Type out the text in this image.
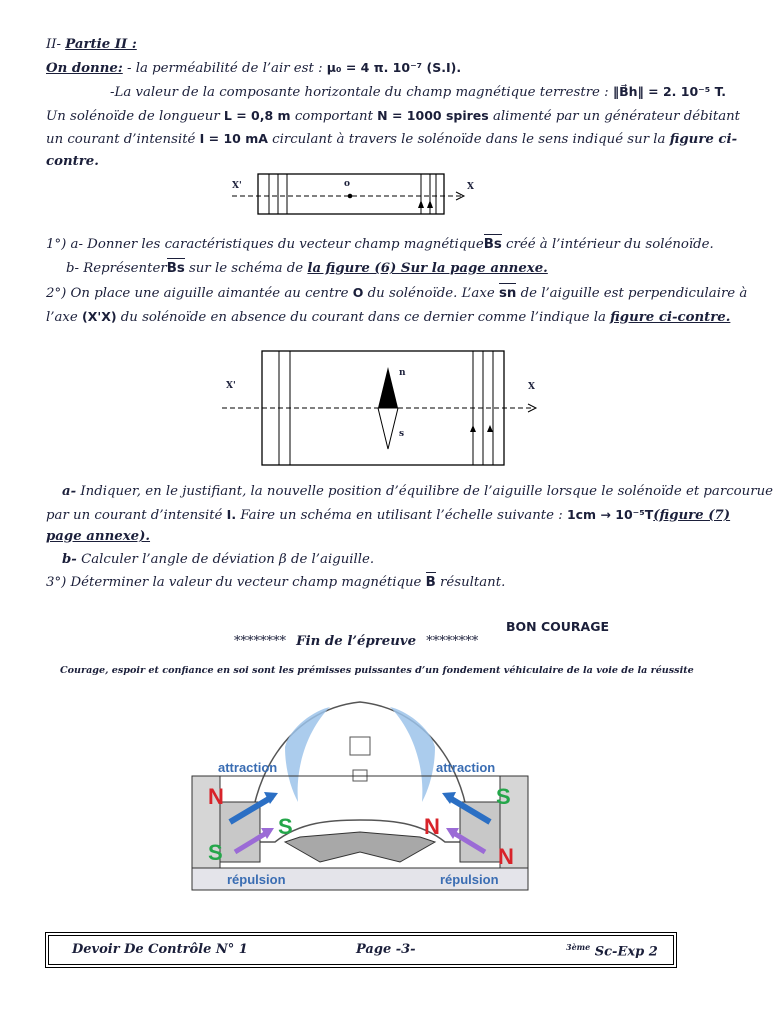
II- Partie II :
On donne: - la perméabilité de l’air est : μ₀ = 4 π. 10⁻⁷ (S.I).
-La valeur de la composante horizontale du champ magnétique terrestre : ‖B⃗h‖ = 2. 10⁻⁵ T.
Un solénoïde de longueur L = 0,8 m comportant N = 1000 spires alimenté par un générateur débitant
un courant d’intensité I = 10 mA circulant à travers le solénoïde dans le sens indiqué sur la figure ci-
contre.
X'	X
o
1°) a- Donner les caractéristiques du vecteur champ magnétiqueBs créé à l’intérieur du solénoïde.
b- ReprésenterBs sur le schéma de la figure (6) Sur la page annexe.
2°) On place une aiguille aimantée au centre O du solénoïde. L’axe sn de l’aiguille est perpendiculaire à
l’axe (X'X) du solénoïde en absence du courant dans ce dernier comme l’indique la figure ci-contre.
X'	X
n
s
a- Indiquer, en le justifiant, la nouvelle position d’équilibre de l’aiguille lorsque le solénoïde et parcourue
par un courant d’intensité I. Faire un schéma en utilisant l’échelle suivante : 1cm → 10⁻⁵T(figure (7)
page annexe).
b- Calculer l’angle de déviation β de l’aiguille.
3°) Déterminer la valeur du vecteur champ magnétique B résultant.
BON COURAGE
******** Fin de l’épreuve ********
Courage, espoir et confiance en soi sont les prémisses puissantes d’un fondement véhiculaire de la voie de la réussite
attraction	attraction
répulsion	répulsion
N
S
S	N
S
N
Devoir De Contrôle N° 1	Page -3-	$^{3ème}$ Sc-Exp 2
